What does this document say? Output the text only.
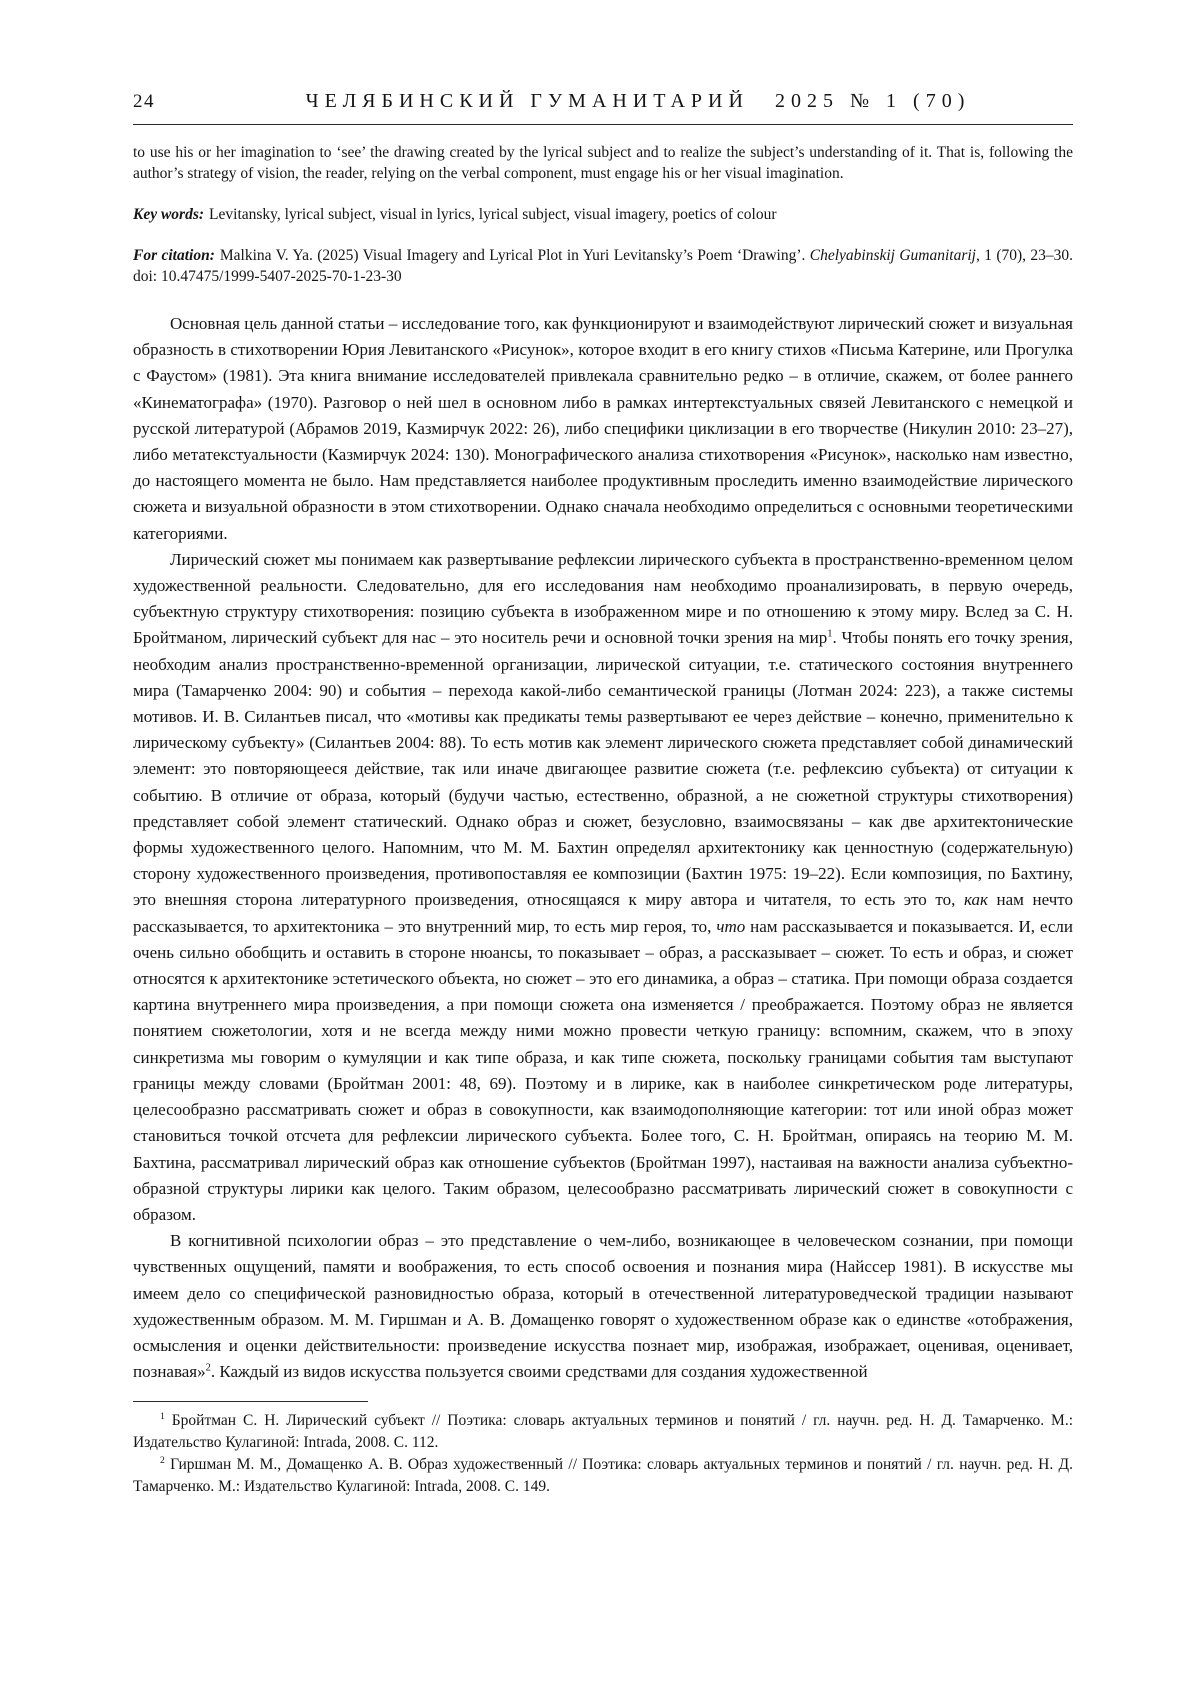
24	ЧЕЛЯБИНСКИЙ ГУМАНИТАРИЙ 2025 № 1 (70)

to use his or her imagination to ‘see’ the drawing created by the lyrical subject and to realize the subject’s understanding of it. That is, following the author’s strategy of vision, the reader, relying on the verbal component, must engage his or her visual imagination.

Key words: Levitansky, lyrical subject, visual in lyrics, lyrical subject, visual imagery, poetics of colour

For citation: Malkina V. Ya. (2025) Visual Imagery and Lyrical Plot in Yuri Levitansky’s Poem ‘Drawing’. Chelyabinskij Gumanitarij, 1 (70), 23–30. doi: 10.47475/1999-5407-2025-70-1-23-30

Основная цель данной статьи – исследование того, как функционируют и взаимодействуют лирический сюжет и визуальная образность в стихотворении Юрия Левитанского «Рисунок», которое входит в его книгу стихов «Письма Катерине, или Прогулка с Фаустом» (1981). Эта книга внимание исследователей привлекала сравнительно редко – в отличие, скажем, от более раннего «Кинематографа» (1970). Разговор о ней шел в основном либо в рамках интертекстуальных связей Левитанского с немецкой и русской литературой (Абрамов 2019, Казмирчук 2022: 26), либо специфики циклизации в его творчестве (Никулин 2010: 23–27), либо метатекстуальности (Казмирчук 2024: 130). Монографического анализа стихотворения «Рисунок», насколько нам известно, до настоящего момента не было. Нам представляется наиболее продуктивным проследить именно взаимодействие лирического сюжета и визуальной образности в этом стихотворении. Однако сначала необходимо определиться с основными теоретическими категориями.

Лирический сюжет мы понимаем как развертывание рефлексии лирического субъекта в пространственно-временном целом художественной реальности. Следовательно, для его исследования нам необходимо проанализировать, в первую очередь, субъектную структуру стихотворения: позицию субъекта в изображенном мире и по отношению к этому миру. Вслед за С. Н. Бройтманом, лирический субъект для нас – это носитель речи и основной точки зрения на мир$^1$. Чтобы понять его точку зрения, необходим анализ пространственно-временной организации, лирической ситуации, т.е. статического состояния внутреннего мира (Тамарченко 2004: 90) и события – перехода какой-либо семантической границы (Лотман 2024: 223), а также системы мотивов. И. В. Силантьев писал, что «мотивы как предикаты темы развертывают ее через действие – конечно, применительно к лирическому субъекту» (Силантьев 2004: 88). То есть мотив как элемент лирического сюжета представляет собой динамический элемент: это повторяющееся действие, так или иначе двигающее развитие сюжета (т.е. рефлексию субъекта) от ситуации к событию. В отличие от образа, который (будучи частью, естественно, образной, а не сюжетной структуры стихотворения) представляет собой элемент статический. Однако образ и сюжет, безусловно, взаимосвязаны – как две архитектонические формы художественного целого. Напомним, что М. М. Бахтин определял архитектонику как ценностную (содержательную) сторону художественного произведения, противопоставляя ее композиции (Бахтин 1975: 19–22). Если композиция, по Бахтину, это внешняя сторона литературного произведения, относящаяся к миру автора и читателя, то есть это то, как нам нечто рассказывается, то архитектоника – это внутренний мир, то есть мир героя, то, что нам рассказывается и показывается. И, если очень сильно обобщить и оставить в стороне нюансы, то показывает – образ, а рассказывает – сюжет. То есть и образ, и сюжет относятся к архитектонике эстетического объекта, но сюжет – это его динамика, а образ – статика. При помощи образа создается картина внутреннего мира произведения, а при помощи сюжета она изменяется / преображается. Поэтому образ не является понятием сюжетологии, хотя и не всегда между ними можно провести четкую границу: вспомним, скажем, что в эпоху синкретизма мы говорим о кумуляции и как типе образа, и как типе сюжета, поскольку границами события там выступают границы между словами (Бройтман 2001: 48, 69). Поэтому и в лирике, как в наиболее синкретическом роде литературы, целесообразно рассматривать сюжет и образ в совокупности, как взаимодополняющие категории: тот или иной образ может становиться точкой отсчета для рефлексии лирического субъекта. Более того, С. Н. Бройтман, опираясь на теорию М. М. Бахтина, рассматривал лирический образ как отношение субъектов (Бройтман 1997), настаивая на важности анализа субъектно-образной структуры лирики как целого. Таким образом, целесообразно рассматривать лирический сюжет в совокупности с образом.

В когнитивной психологии образ – это представление о чем-либо, возникающее в человеческом сознании, при помощи чувственных ощущений, памяти и воображения, то есть способ освоения и познания мира (Найссер 1981). В искусстве мы имеем дело со специфической разновидностью образа, который в отечественной литературоведческой традиции называют художественным образом. М. М. Гиршман и А. В. Домащенко говорят о художественном образе как о единстве «отображения, осмысления и оценки действительности: произведение искусства познает мир, изображая, изображает, оценивая, оценивает, познавая»$^2$. Каждый из видов искусства пользуется своими средствами для создания художественной

$^1$ Бройтман С. Н. Лирический субъект // Поэтика: словарь актуальных терминов и понятий / гл. научн. ред. Н. Д. Тамарченко. М.: Издательство Кулагиной: Intrada, 2008. С. 112.

$^2$ Гиршман М. М., Домащенко А. В. Образ художественный // Поэтика: словарь актуальных терминов и понятий / гл. научн. ред. Н. Д. Тамарченко. М.: Издательство Кулагиной: Intrada, 2008. С. 149.
